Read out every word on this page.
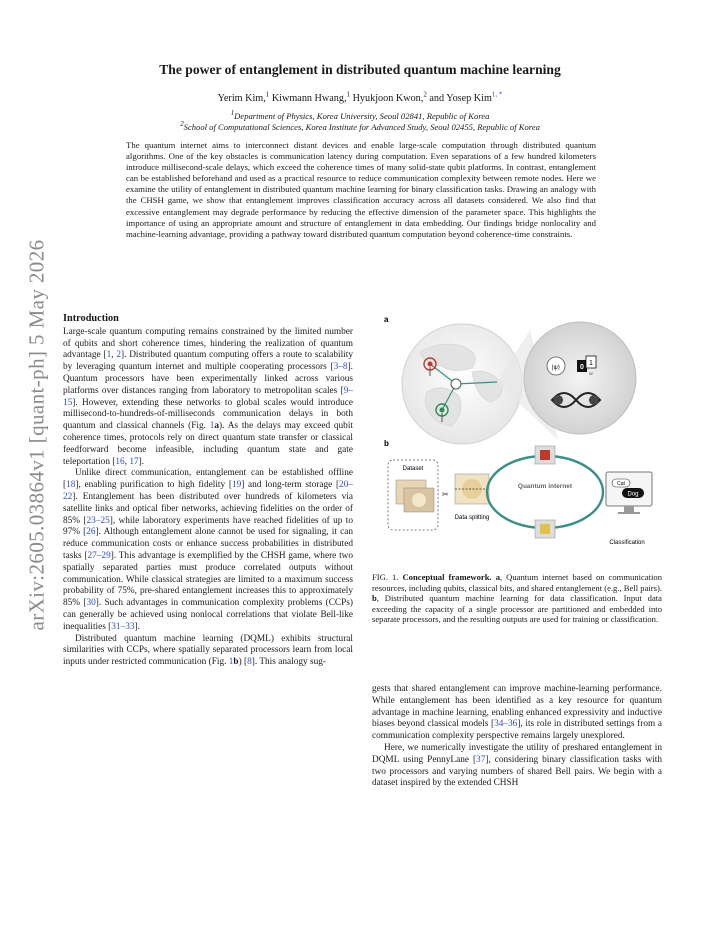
arXiv:2605.03864v1 [quant-ph] 5 May 2026
The power of entanglement in distributed quantum machine learning
Yerim Kim,$^1$ Kiwmann Hwang,$^1$ Hyukjoon Kwon,$^2$ and Yosep Kim$^{1, *}$
$^1$Department of Physics, Korea University, Seoul 02841, Republic of Korea
$^2$School of Computational Sciences, Korea Institute for Advanced Study, Seoul 02455, Republic of Korea
The quantum internet aims to interconnect distant devices and enable large-scale computation through distributed quantum algorithms. One of the key obstacles is communication latency during computation. Even separations of a few hundred kilometers introduce millisecond-scale delays, which exceed the coherence times of many solid-state qubit platforms. In contrast, entanglement can be established beforehand and used as a practical resource to reduce communication complexity between remote nodes. Here we examine the utility of entanglement in distributed quantum machine learning for binary classification tasks. Drawing an analogy with the CHSH game, we show that entanglement improves classification accuracy across all datasets considered. We also find that excessive entanglement may degrade performance by reducing the effective dimension of the parameter space. This highlights the importance of using an appropriate amount and structure of entanglement in data embedding. Our findings bridge nonlocality and machine-learning advantage, providing a pathway toward distributed quantum computation beyond coherence-time constraints.
Introduction

Large-scale quantum computing remains constrained by the limited number of qubits and short coherence times, hindering the realization of quantum advantage [1, 2]. Distributed quantum computing offers a route to scalability by leveraging quantum internet and multiple cooperating processors [3–8]. Quantum processors have been experimentally linked across various platforms over distances ranging from laboratory to metropolitan scales [9–15]. However, extending these networks to global scales would introduce millisecond-to-hundreds-of-milliseconds communication delays in both quantum and classical channels (Fig. 1a). As the delays may exceed qubit coherence times, protocols rely on direct quantum state transfer or classical feedforward become infeasible, including quantum state and gate teleportation [16, 17].

Unlike direct communication, entanglement can be established offline [18], enabling purification to high fidelity [19] and long-term storage [20–22]. Entanglement has been distributed over hundreds of kilometers via satellite links and optical fiber networks, achieving fidelities on the order of 85% [23–25], while laboratory experiments have reached fidelities of up to 97% [26]. Although entanglement alone cannot be used for signaling, it can reduce communication costs or enhance success probabilities in distributed tasks [27–29]. This advantage is exemplified by the CHSH game, where two spatially separated parties must produce correlated outputs without communication. While classical strategies are limited to a maximum success probability of 75%, pre-shared entanglement increases this to approximately 85% [30]. Such advantages in communication complexity problems (CCPs) can generally be achieved using nonlocal correlations that violate Bell-like inequalities [31–33].

Distributed quantum machine learning (DQML) exhibits structural similarities with CCPs, where spatially separated processors learn from local inputs under restricted communication (Fig. 1b) [8]. This analogy sug-

a
|ψ⟩	0
1
or
b
Dataset
✂
Data splitting
Quantum internet	Cat
Dog
Classification
FIG. 1. Conceptual framework. a, Quantum internet based on communication resources, including qubits, classical bits, and shared entanglement (e.g., Bell pairs). b, Distributed quantum machine learning for data classification. Input data exceeding the capacity of a single processor are partitioned and embedded into separate processors, and the resulting outputs are used for training or classification.

gests that shared entanglement can improve machine-learning performance. While entanglement has been identified as a key resource for quantum advantage in machine learning, enabling enhanced expressivity and inductive biases beyond classical models [34–36], its role in distributed settings from a communication complexity perspective remains largely unexplored.

Here, we numerically investigate the utility of preshared entanglement in DQML using PennyLane [37], considering binary classification tasks with two processors and varying numbers of shared Bell pairs. We begin with a dataset inspired by the extended CHSH
